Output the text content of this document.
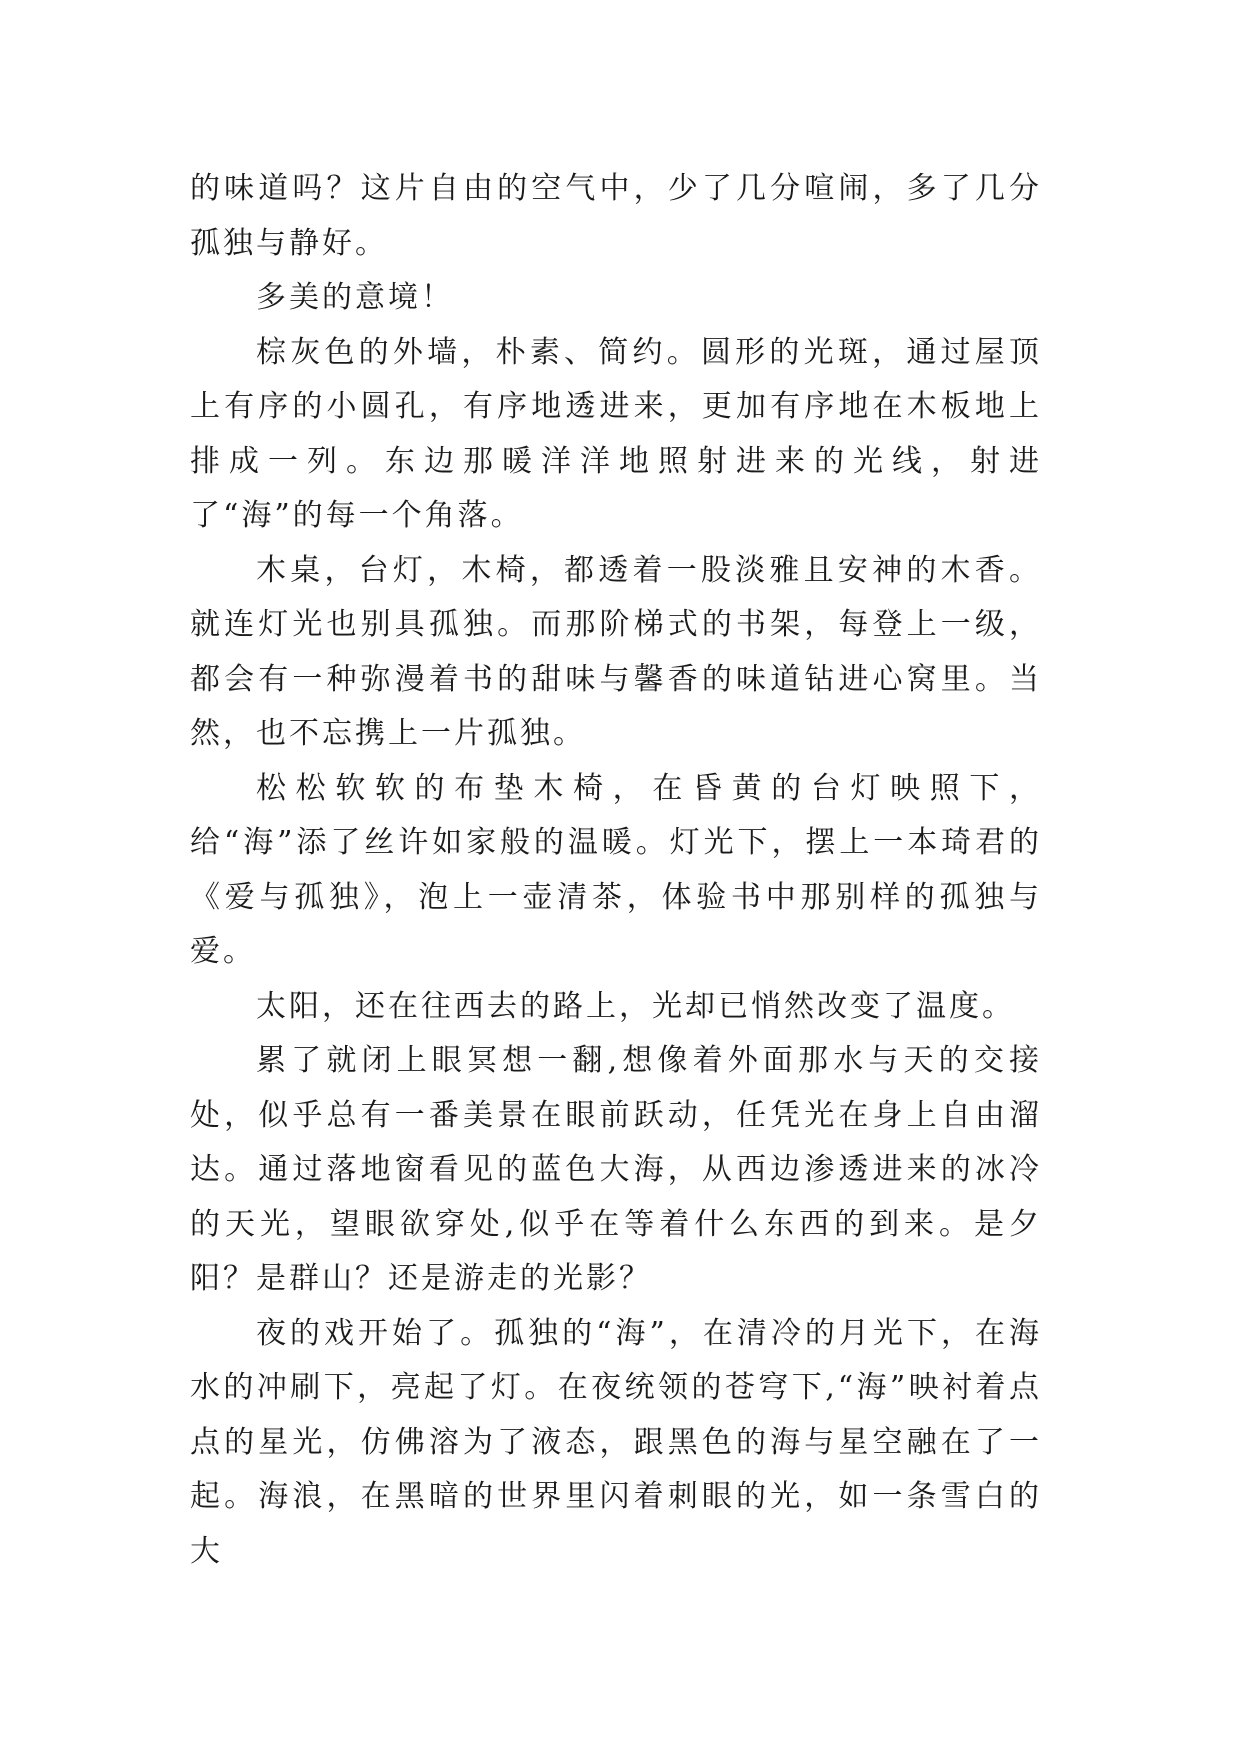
的味道吗？这片自由的空气中，少了几分喧闹，多了几分孤独与静好。

多美的意境！

棕灰色的外墙，朴素、简约。圆形的光斑，通过屋顶上有序的小圆孔，有序地透进来，更加有序地在木板地上排成一列。东边那暖洋洋地照射进来的光线，射进了“海”的每一个角落。

木桌，台灯，木椅，都透着一股淡雅且安神的木香。就连灯光也别具孤独。而那阶梯式的书架，每登上一级，都会有一种弥漫着书的甜味与馨香的味道钻进心窝里。当然，也不忘携上一片孤独。

松松软软的布垫木椅，在昏黄的台灯映照下，给“海”添了丝许如家般的温暖。灯光下，摆上一本琦君的《爱与孤独》，泡上一壶清茶，体验书中那别样的孤独与爱。

太阳，还在往西去的路上，光却已悄然改变了温度。

累了就闭上眼冥想一翻,想像着外面那水与天的交接处，似乎总有一番美景在眼前跃动，任凭光在身上自由溜达。通过落地窗看见的蓝色大海，从西边渗透进来的冰冷的天光，望眼欲穿处,似乎在等着什么东西的到来。是夕阳？是群山？还是游走的光影？

夜的戏开始了。孤独的“海”，在清冷的月光下，在海水的冲刷下，亮起了灯。在夜统领的苍穹下,“海”映衬着点点的星光，仿佛溶为了液态，跟黑色的海与星空融在了一起。海浪，在黑暗的世界里闪着刺眼的光，如一条雪白的大
